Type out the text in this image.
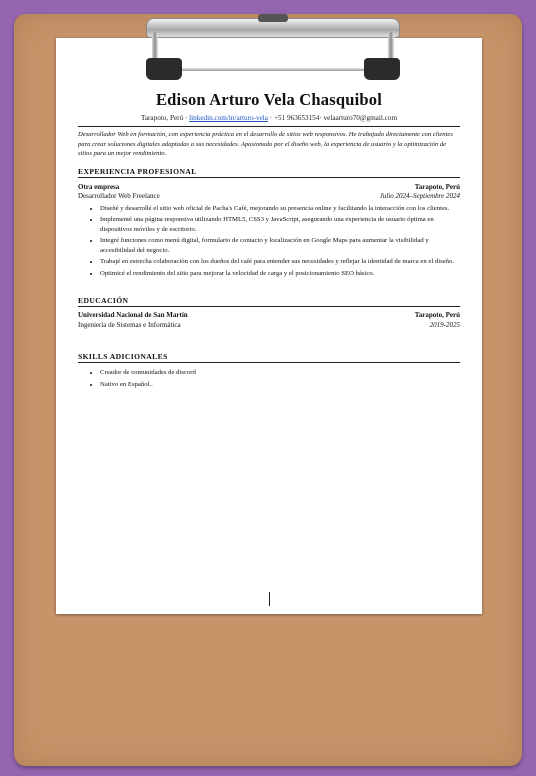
Edison Arturo Vela Chasquibol
Tarapoto, Perú · linkedin.com/in/arturo-vela · +51 963653154· velaarturo70@gmail.com
Desarrollador Web en formación, con experiencia práctica en el desarrollo de sitios web responsivos. He trabajado directamente con clientes para crear soluciones digitales adaptadas a sus necesidades. Apasionado por el diseño web, la experiencia de usuario y la optimización de sitios para un mejor rendimiento.
EXPERIENCIA PROFESIONAL
Otra empresa	Tarapoto, Perú
Desarrollador Web Freelance	Julio 2024–Septiembre 2024
• Diseñé y desarrollé el sitio web oficial de Pacha's Café, mejorando su presencia online y facilitando la interacción con los clientes.
• Implementé una página responsiva utilizando HTML5, CSS3 y JavaScript, asegurando una experiencia de usuario óptima en dispositivos móviles y de escritorio.
• Integré funciones como menú digital, formulario de contacto y localización en Google Maps para aumentar la visibilidad y accesibilidad del negocio.
• Trabajé en estrecha colaboración con los dueños del café para entender sus necesidades y reflejar la identidad de marca en el diseño.
• Optimicé el rendimiento del sitio para mejorar la velocidad de carga y el posicionamiento SEO básico.
EDUCACIÓN
Universidad Nacional de San Martín	Tarapoto, Perú
Ingeniería de Sistemas e Informática	2019-2025
SKILLS ADICIONALES
• Creador de comunidades de discord
• Nativo en Español..
